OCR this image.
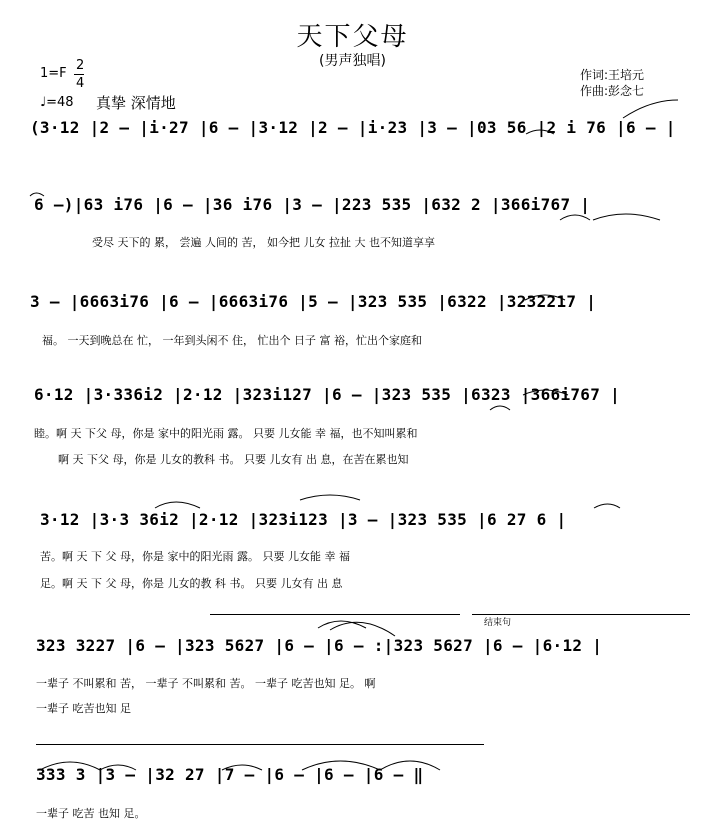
天下父母
(男声独唱)
作词:王培元
作曲:彭念七
1=F
2
4
♩=48 真挚 深情地
(3·12 |2 — |i·27 |6 — |3·12 |2 — |i·23 |3 — |03 56 |2 i 76 |6 — |
6 —)|63 i76 |6 — |36 i76 |3 — |223 535 |632 2 |366i767 |
受尽 天下的 累， 尝遍 人间的 苦， 如今把 儿女 拉扯 大 也不知道享享
3 — |6663i76 |6 — |6663i76 |5 — |323 535 |6322 |3232217 |
福。 一天到晚总在 忙， 一年到头闲不 住， 忙出个 日子 富 裕，忙出个家庭和
6·12 |3·336i2 |2·12 |323i127 |6 — |323 535 |6323 |366i767 |
睦。啊 天 下父 母，你是 家中的阳光雨 露。 只要 儿女能 幸 福，也不知叫累和
啊 天 下父 母，你是 儿女的教科 书。 只要 儿女有 出 息，在苦在累也知
3·12 |3·3 36i2 |2·12 |323i123 |3 — |323 535 |6 27 6 |
苦。啊 天 下 父 母，你是 家中的阳光雨 露。 只要 儿女能 幸 福
足。啊 天 下 父 母，你是 儿女的教 科 书。 只要 儿女有 出 息
结束句
323 3227 |6 — |323 5627 |6 — |6 — :|323 5627 |6 — |6·12 |
一辈子 不叫累和 苦， 一辈子 不叫累和 苦。 一辈子 吃苦也知 足。 啊
一辈子 吃苦也知 足
333 3 |3 — |32 27 |7 — |6 — |6 — |6 — ‖
一辈子 吃苦 也知 足。
